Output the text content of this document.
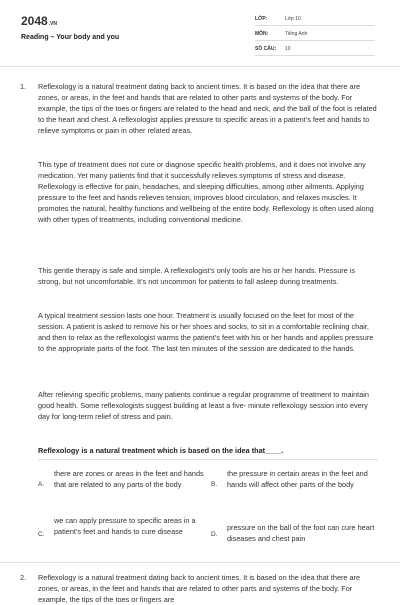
2048.VN
Reading – Your body and you
LỚP:	Lớp 10
MÔN:	Tiếng Anh
SỐ CÂU: 10
1. Reflexology is a natural treatment dating back to ancient times. It is based on the idea that there are zones, or areas, in the feet and hands that are related to other parts and systems of the body. For example, the tips of the toes or fingers are related to the head and neck, and the ball of the foot is related to the heart and chest. A reflexologist applies pressure to specific areas in a patient’s feet and hands to relieve symptoms or pain in other related areas.
This type of treatment does not cure or diagnose specific health problems, and it does not involve any medication. Yet many patients find that it successfully relieves symptoms of stress and disease. Reflexology is effective for pain, headaches, and sleeping difficulties, among other ailments. Applying pressure to the feet and hands relieves tension, improves blood circulation, and relaxes muscles. It promotes the natural, healthy functions and wellbeing of the entire body. Reflexology is often used along with other types of treatments, including conventional medicine.
This gentle therapy is safe and simple. A reflexologist’s only tools are his or her hands. Pressure is strong, but not uncomfortable. It’s not uncommon for patients to fall asleep during treatments.
A typical treatment session lasts one hour. Treatment is usually focused on the feet for most of the session. A patient is asked to remove his or her shoes and socks, to sit in a comfortable reclining chair, and then to relax as the reflexologist warms the patient’s feet with his or her hands and applies pressure to the appropriate parts of the foot. The last ten minutes of the session are dedicated to the hands.
After relieving specific problems, many patients continue a regular programme of treatment to maintain good health. Some reflexologists suggest building at least a five- minute reflexology session into every day for long-term relief of stress and pain.
Reflexology is a natural treatment which is based on the idea that____.
A.
there are zones or areas in the feet and hands that are related to any parts of the body	B.
the pressure in certain areas in the feet and hands will affect other parts of the body
C.
we can apply pressure to specific areas in a patient’s feet and hands to cure disease	D.
pressure on the ball of the foot can cure heart diseases and chest pain
2. Reflexology is a natural treatment dating back to ancient times. It is based on the idea that there are zones, or areas, in the feet and hands that are related to other parts and systems of the body. For example, the tips of the toes or fingers are
